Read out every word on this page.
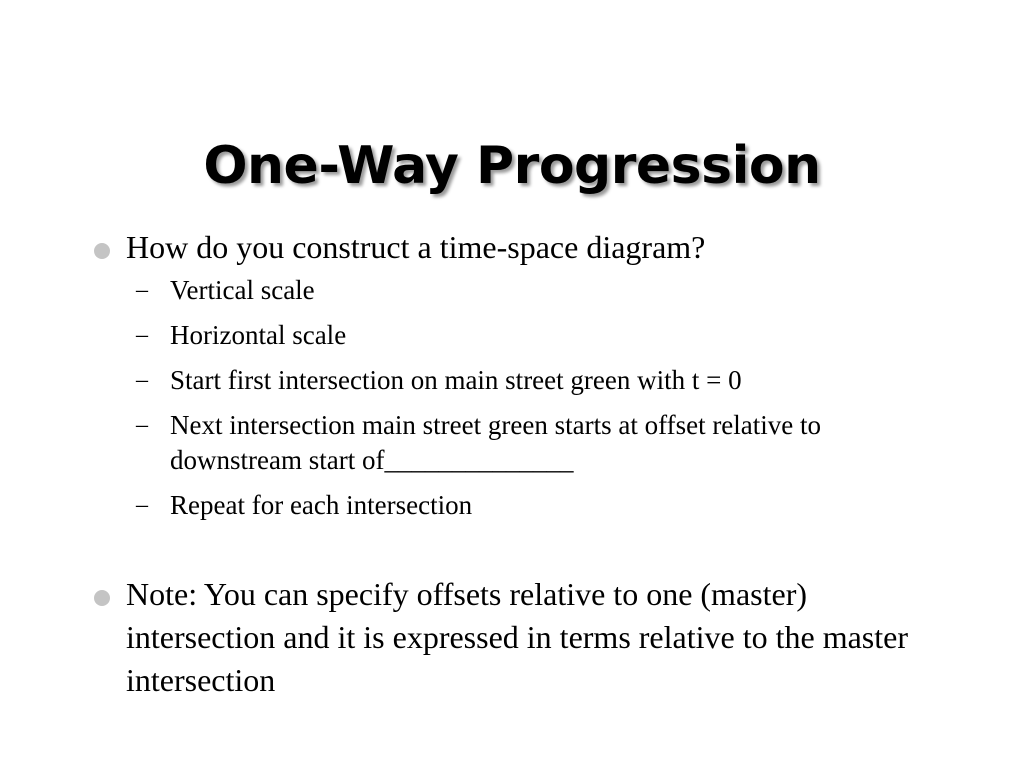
One-Way Progression
How do you construct a time-space diagram?
– Vertical scale
– Horizontal scale
– Start first intersection on main street green with t = 0
– Next intersection main street green starts at offset relative to downstream start of______________
– Repeat for each intersection
Note: You can specify offsets relative to one (master) intersection and it is expressed in terms relative to the master intersection
